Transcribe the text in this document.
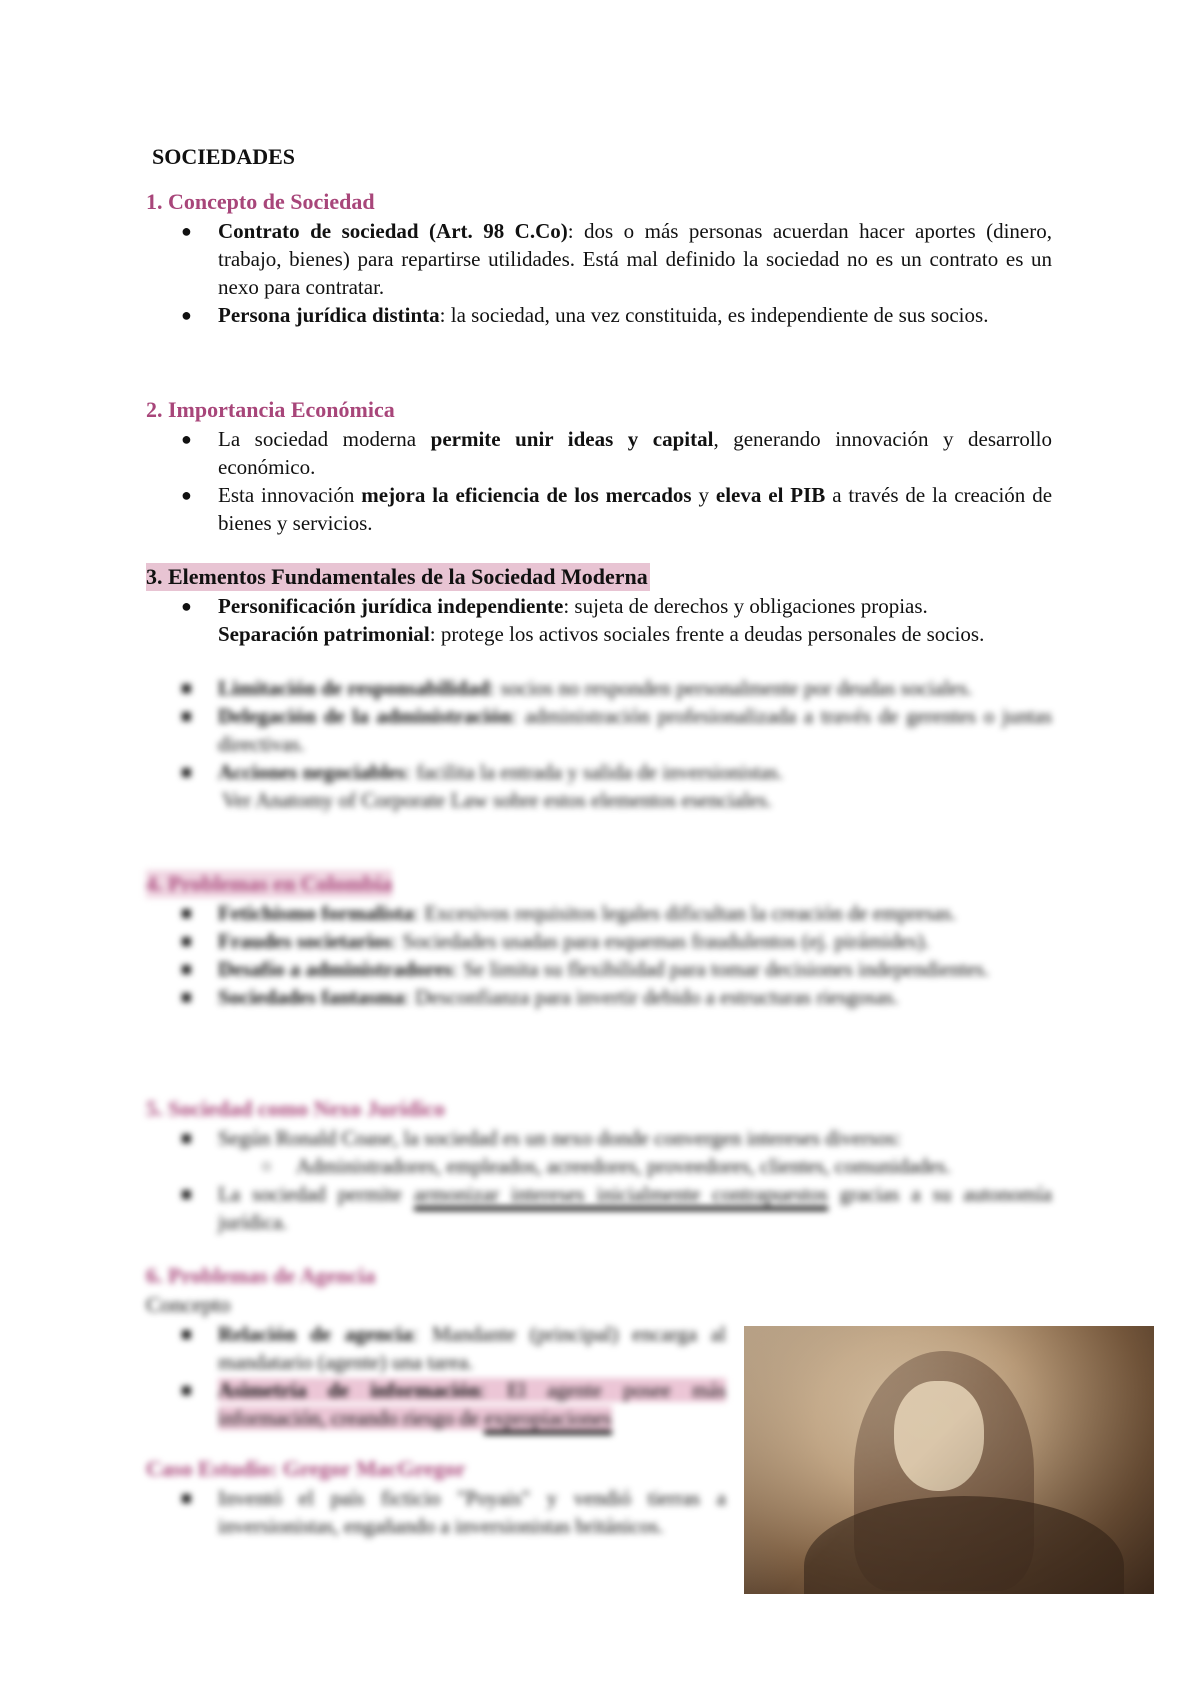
SOCIEDADES
1. Concepto de Sociedad
● Contrato de sociedad (Art. 98 C.Co): dos o más personas acuerdan hacer aportes (dinero, trabajo, bienes) para repartirse utilidades. Está mal definido la sociedad no es un contrato es un nexo para contratar.
● Persona jurídica distinta: la sociedad, una vez constituida, es independiente de sus socios.
2. Importancia Económica
● La sociedad moderna permite unir ideas y capital, generando innovación y desarrollo económico.
● Esta innovación mejora la eficiencia de los mercados y eleva el PIB a través de la creación de bienes y servicios.
3. Elementos Fundamentales de la Sociedad Moderna
● Personificación jurídica independiente: sujeta de derechos y obligaciones propias.
Separación patrimonial: protege los activos sociales frente a deudas personales de socios.
■ Limitación de responsabilidad: socios no responden personalmente por deudas sociales.
■ Delegación de la administración: administración profesionalizada a través de gerentes o juntas directivas.
■ Acciones negociables: facilita la entrada y salida de inversionistas.
Ver Anatomy of Corporate Law sobre estos elementos esenciales.
4. Problemas en Colombia
■ Fetichismo formalista: Excesivos requisitos legales dificultan la creación de empresas.
■ Fraudes societarios: Sociedades usadas para esquemas fraudulentos (ej. pirámides).
■ Desafío a administradores: Se limita su flexibilidad para tomar decisiones independientes.
■ Sociedades fantasma: Desconfianza para invertir debido a estructuras riesgosas.
5. Sociedad como Nexo Jurídico
■ Según Ronald Coase, la sociedad es un nexo donde convergen intereses diversos:
○ Administradores, empleados, acreedores, proveedores, clientes, comunidades.
■ La sociedad permite armonizar intereses inicialmente contrapuestos gracias a su autonomía jurídica.
6. Problemas de Agencia
Concepto
■ Relación de agencia: Mandante (principal) encarga al mandatario (agente) una tarea.
■ Asimetría de información: El agente posee más información, creando riesgo de expropiaciones
Caso Estudio: Gregor MacGregor
■ Inventó el país ficticio "Poyais" y vendió tierras a inversionistas, engañando a inversionistas británicos.
